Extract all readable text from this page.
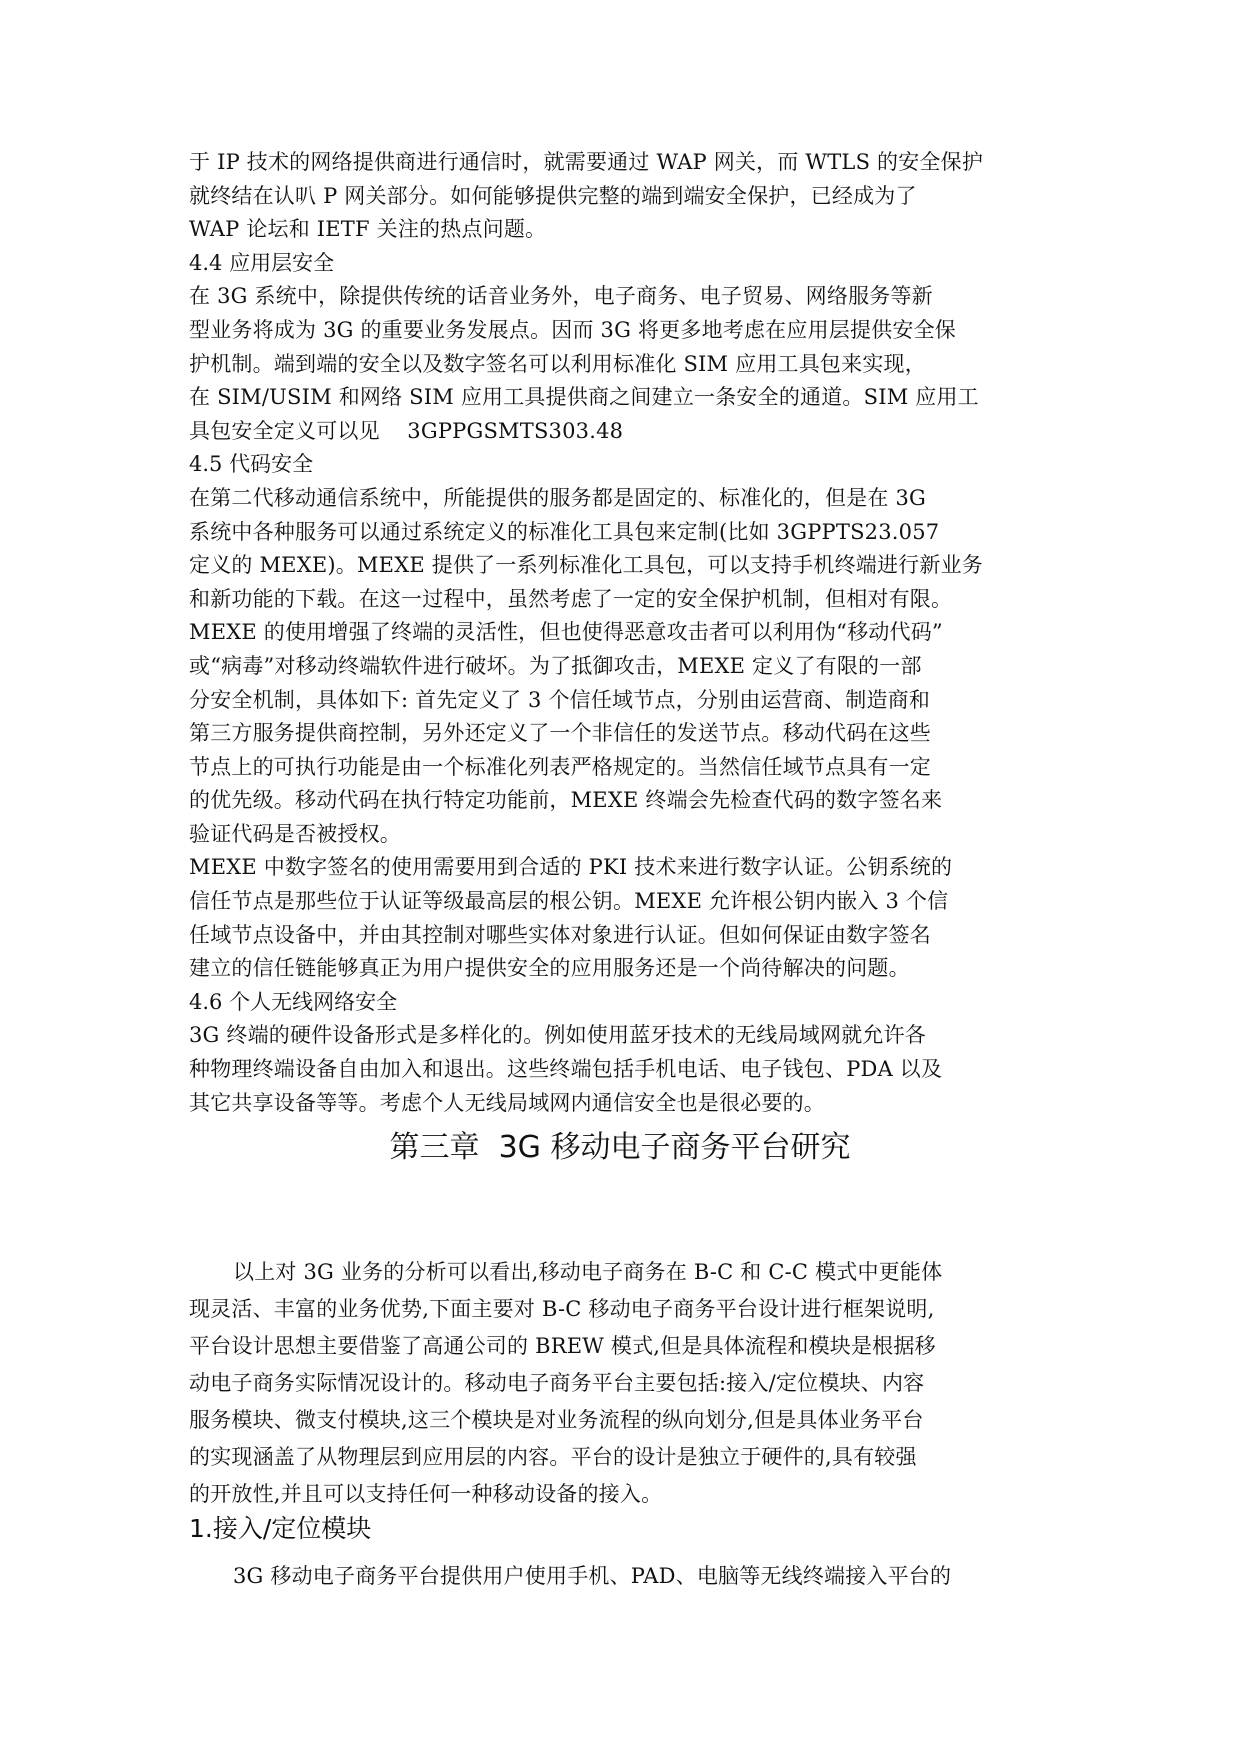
于 IP 技术的网络提供商进行通信时，就需要通过 WAP 网关，而 WTLS 的安全保护
就终结在认叭 P 网关部分。如何能够提供完整的端到端安全保护，已经成为了
WAP 论坛和 IETF 关注的热点问题。
4.4 应用层安全
在 3G 系统中，除提供传统的话音业务外，电子商务、电子贸易、网络服务等新
型业务将成为 3G 的重要业务发展点。因而 3G 将更多地考虑在应用层提供安全保
护机制。端到端的安全以及数字签名可以利用标准化 SIM 应用工具包来实现，
在 SIM/USIM 和网络 SIM 应用工具提供商之间建立一条安全的通道。SIM 应用工
具包安全定义可以见    3GPPGSMTS303.48
4.5 代码安全
在第二代移动通信系统中，所能提供的服务都是固定的、标准化的，但是在 3G
系统中各种服务可以通过系统定义的标准化工具包来定制(比如 3GPPTS23.057
定义的 MEXE)。MEXE 提供了一系列标准化工具包，可以支持手机终端进行新业务
和新功能的下载。在这一过程中，虽然考虑了一定的安全保护机制，但相对有限。
MEXE 的使用增强了终端的灵活性，但也使得恶意攻击者可以利用伪“移动代码”
或“病毒”对移动终端软件进行破坏。为了抵御攻击，MEXE 定义了有限的一部
分安全机制，具体如下: 首先定义了 3 个信任域节点，分别由运营商、制造商和
第三方服务提供商控制，另外还定义了一个非信任的发送节点。移动代码在这些
节点上的可执行功能是由一个标准化列表严格规定的。当然信任域节点具有一定
的优先级。移动代码在执行特定功能前，MEXE 终端会先检查代码的数字签名来
验证代码是否被授权。
MEXE 中数字签名的使用需要用到合适的 PKI 技术来进行数字认证。公钥系统的
信任节点是那些位于认证等级最高层的根公钥。MEXE 允许根公钥内嵌入 3 个信
任域节点设备中，并由其控制对哪些实体对象进行认证。但如何保证由数字签名
建立的信任链能够真正为用户提供安全的应用服务还是一个尚待解决的问题。
4.6 个人无线网络安全
3G 终端的硬件设备形式是多样化的。例如使用蓝牙技术的无线局域网就允许各
种物理终端设备自由加入和退出。这些终端包括手机电话、电子钱包、PDA 以及
其它共享设备等等。考虑个人无线局域网内通信安全也是很必要的。
第三章  3G 移动电子商务平台研究
以上对 3G 业务的分析可以看出,移动电子商务在 B-C 和 C-C 模式中更能体
现灵活、丰富的业务优势,下面主要对 B-C 移动电子商务平台设计进行框架说明,
平台设计思想主要借鉴了高通公司的 BREW 模式,但是具体流程和模块是根据移
动电子商务实际情况设计的。移动电子商务平台主要包括:接入/定位模块、内容
服务模块、微支付模块,这三个模块是对业务流程的纵向划分,但是具体业务平台
的实现涵盖了从物理层到应用层的内容。平台的设计是独立于硬件的,具有较强
的开放性,并且可以支持任何一种移动设备的接入。
1.接入/定位模块
3G 移动电子商务平台提供用户使用手机、PAD、电脑等无线终端接入平台的
